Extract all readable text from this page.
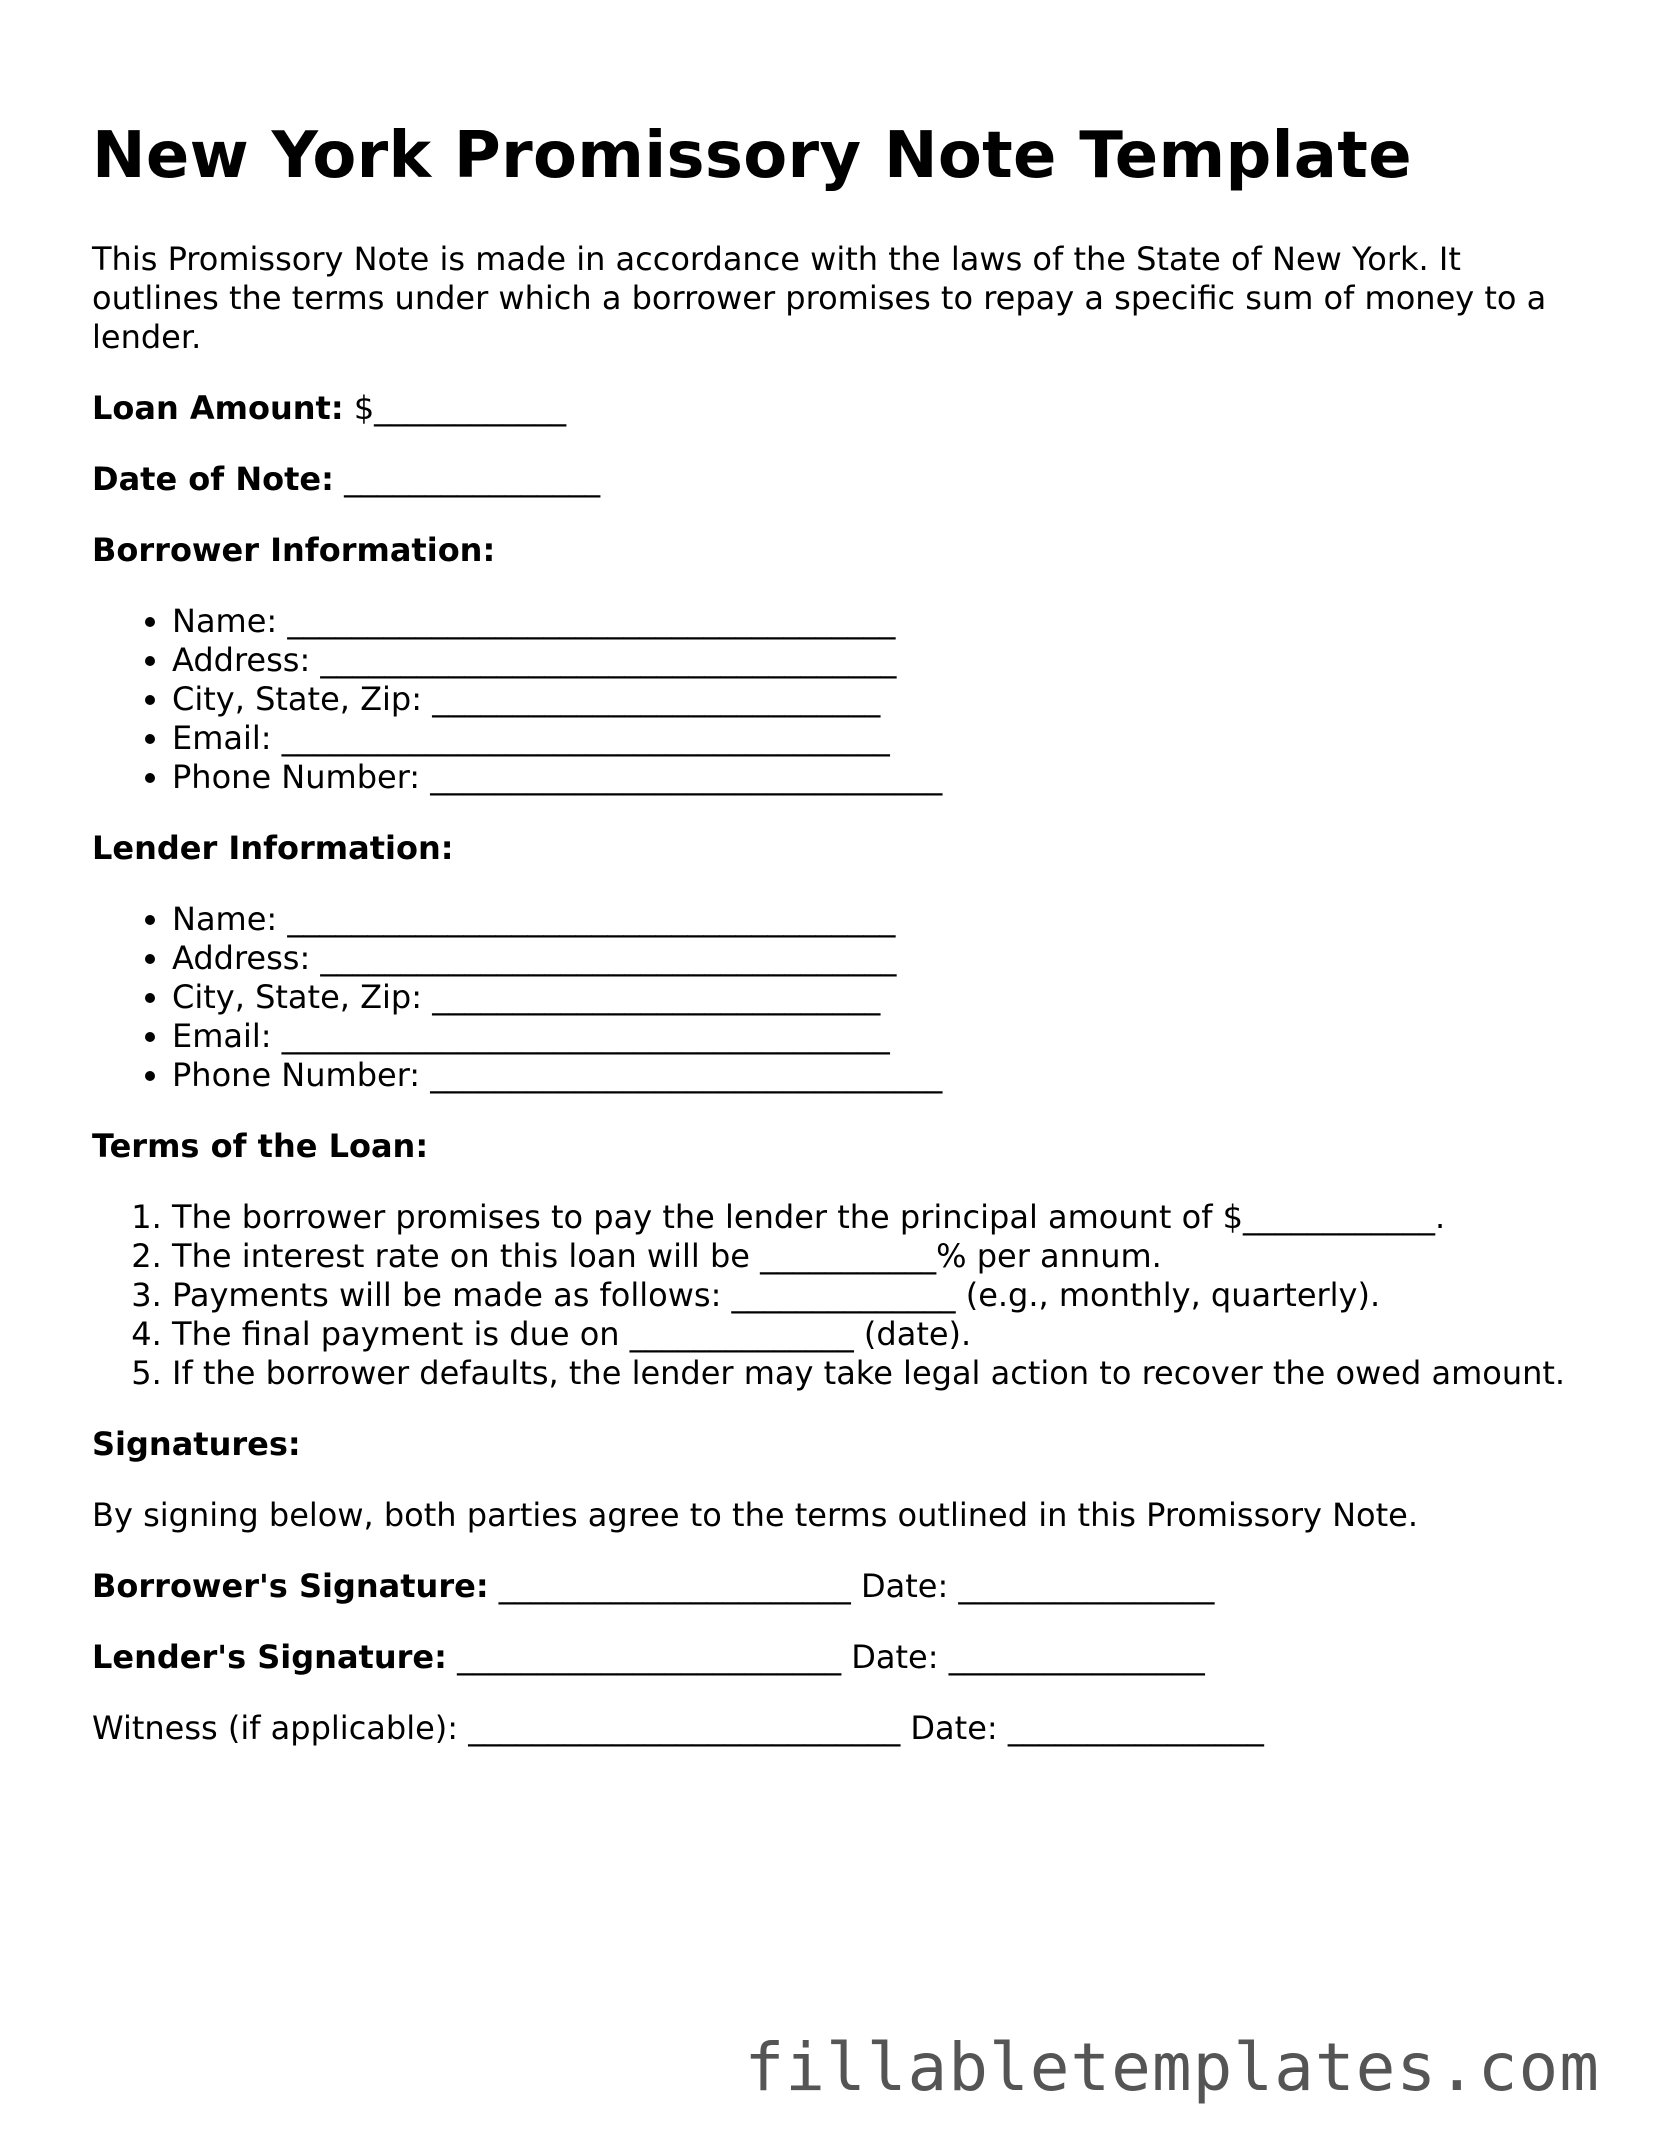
New York Promissory Note Template

This Promissory Note is made in accordance with the laws of the State of New York. It outlines the terms under which a borrower promises to repay a specific sum of money to a lender.

Loan Amount: $____________

Date of Note: ________________

Borrower Information:

• Name: ______________________________________
• Address: ____________________________________
• City, State, Zip: ____________________________
• Email: ______________________________________
• Phone Number: ________________________________

Lender Information:

• Name: ______________________________________
• Address: ____________________________________
• City, State, Zip: ____________________________
• Email: ______________________________________
• Phone Number: ________________________________

Terms of the Loan:

1. The borrower promises to pay the lender the principal amount of $____________.
2. The interest rate on this loan will be ___________% per annum.
3. Payments will be made as follows: ______________ (e.g., monthly, quarterly).
4. The final payment is due on ______________ (date).
5. If the borrower defaults, the lender may take legal action to recover the owed amount.

Signatures:

By signing below, both parties agree to the terms outlined in this Promissory Note.

Borrower's Signature: ______________________ Date: ________________

Lender's Signature: ________________________ Date: ________________

Witness (if applicable): ___________________________ Date: ________________

fillabletemplates.com
